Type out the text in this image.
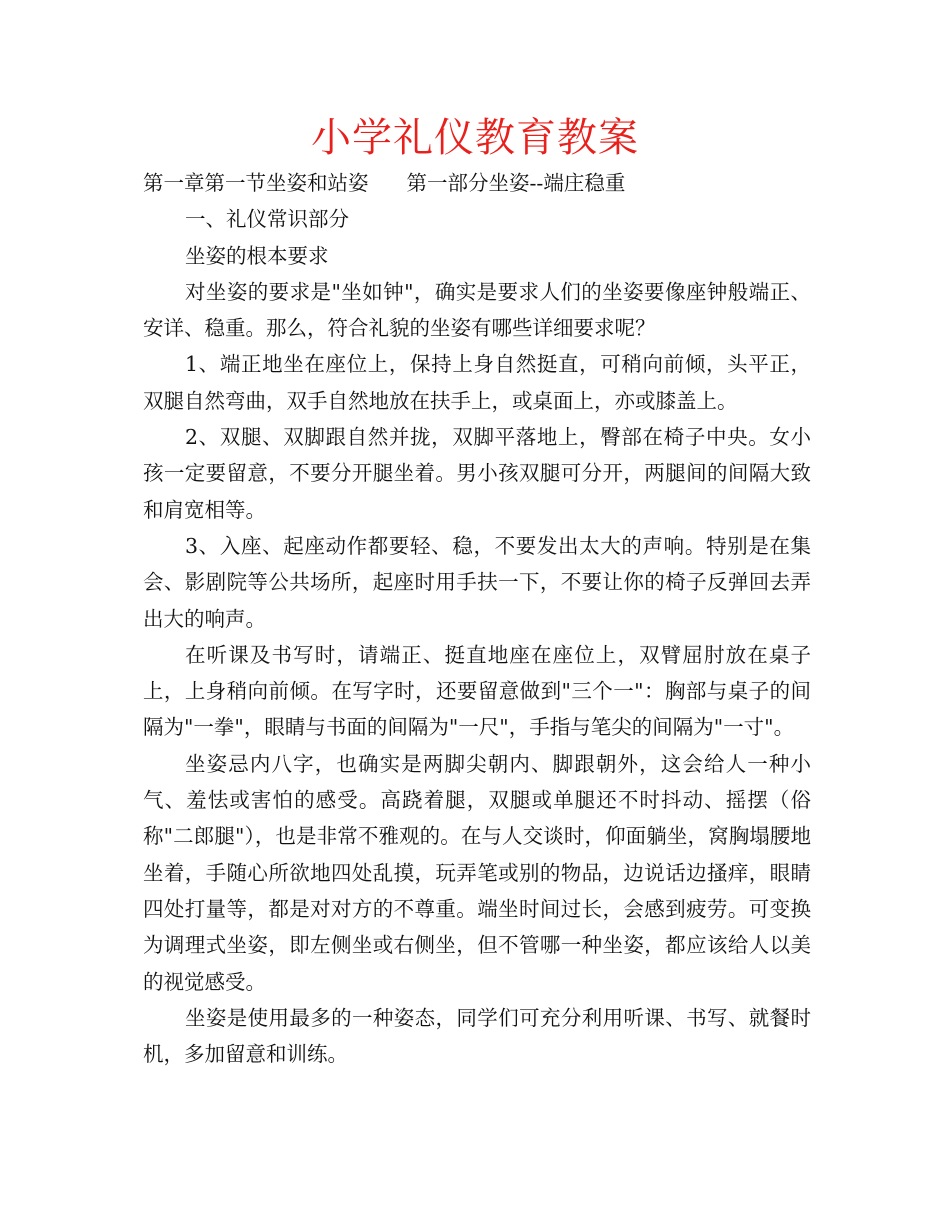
小学礼仪教育教案
第一章第一节坐姿和站姿 第一部分坐姿--端庄稳重
一、礼仪常识部分
坐姿的根本要求

对坐姿的要求是"坐如钟"，确实是要求人们的坐姿要像座钟般端正、安详、稳重。那么，符合礼貌的坐姿有哪些详细要求呢？

1、端正地坐在座位上，保持上身自然挺直，可稍向前倾，头平正，双腿自然弯曲，双手自然地放在扶手上，或桌面上，亦或膝盖上。

2、双腿、双脚跟自然并拢，双脚平落地上，臀部在椅子中央。女小孩一定要留意，不要分开腿坐着。男小孩双腿可分开，两腿间的间隔大致和肩宽相等。

3、入座、起座动作都要轻、稳，不要发出太大的声响。特别是在集会、影剧院等公共场所，起座时用手扶一下，不要让你的椅子反弹回去弄出大的响声。

在听课及书写时，请端正、挺直地座在座位上，双臂屈肘放在桌子上，上身稍向前倾。在写字时，还要留意做到"三个一"：胸部与桌子的间隔为"一拳"，眼睛与书面的间隔为"一尺"，手指与笔尖的间隔为"一寸"。

坐姿忌内八字，也确实是两脚尖朝内、脚跟朝外，这会给人一种小气、羞怯或害怕的感受。高跷着腿，双腿或单腿还不时抖动、摇摆（俗称"二郎腿"），也是非常不雅观的。在与人交谈时，仰面躺坐，窝胸塌腰地坐着，手随心所欲地四处乱摸，玩弄笔或别的物品，边说话边搔痒，眼睛四处打量等，都是对对方的不尊重。端坐时间过长，会感到疲劳。可变换为调理式坐姿，即左侧坐或右侧坐，但不管哪一种坐姿，都应该给人以美的视觉感受。

坐姿是使用最多的一种姿态，同学们可充分利用听课、书写、就餐时机，多加留意和训练。
